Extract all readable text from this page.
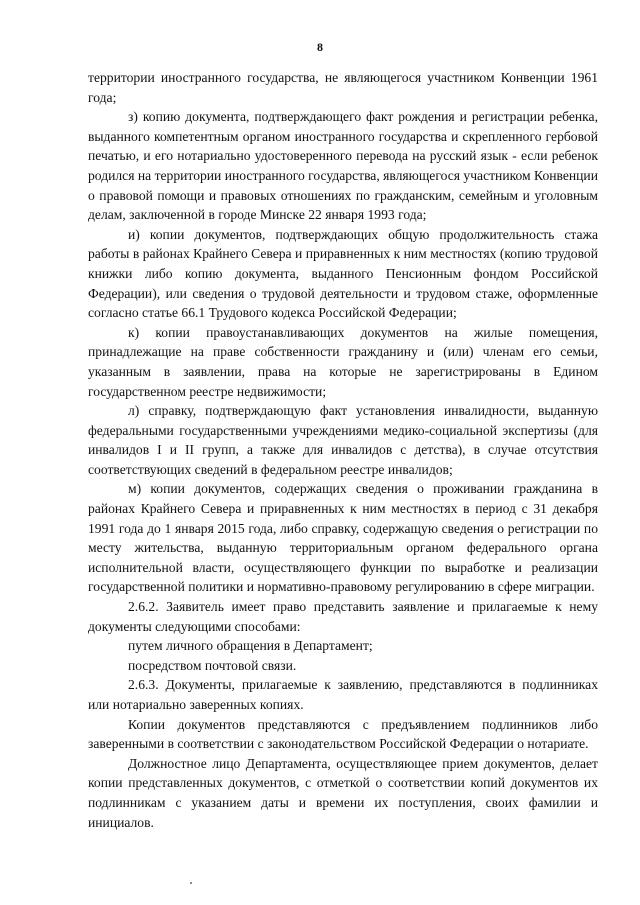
8

территории иностранного государства, не являющегося участником Конвенции 1961 года;

з) копию документа, подтверждающего факт рождения и регистрации ребенка, выданного компетентным органом иностранного государства и скрепленного гербовой печатью, и его нотариально удостоверенного перевода на русский язык - если ребенок родился на территории иностранного государства, являющегося участником Конвенции о правовой помощи и правовых отношениях по гражданским, семейным и уголовным делам, заключенной в городе Минске 22 января 1993 года;

и) копии документов, подтверждающих общую продолжительность стажа работы в районах Крайнего Севера и приравненных к ним местностях (копию трудовой книжки либо копию документа, выданного Пенсионным фондом Российской Федерации), или сведения о трудовой деятельности и трудовом стаже, оформленные согласно статье 66.1 Трудового кодекса Российской Федерации;

к) копии правоустанавливающих документов на жилые помещения, принадлежащие на праве собственности гражданину и (или) членам его семьи, указанным в заявлении, права на которые не зарегистрированы в Едином государственном реестре недвижимости;

л) справку, подтверждающую факт установления инвалидности, выданную федеральными государственными учреждениями медико-социальной экспертизы (для инвалидов I и II групп, а также для инвалидов с детства), в случае отсутствия соответствующих сведений в федеральном реестре инвалидов;

м) копии документов, содержащих сведения о проживании гражданина в районах Крайнего Севера и приравненных к ним местностях в период с 31 декабря 1991 года до 1 января 2015 года, либо справку, содержащую сведения о регистрации по месту жительства, выданную территориальным органом федерального органа исполнительной власти, осуществляющего функции по выработке и реализации государственной политики и нормативно-правовому регулированию в сфере миграции.

2.6.2. Заявитель имеет право представить заявление и прилагаемые к нему документы следующими способами:

путем личного обращения в Департамент;

посредством почтовой связи.

2.6.3. Документы, прилагаемые к заявлению, представляются в подлинниках или нотариально заверенных копиях.

Копии документов представляются с предъявлением подлинников либо заверенными в соответствии с законодательством Российской Федерации о нотариате.

Должностное лицо Департамента, осуществляющее прием документов, делает копии представленных документов, с отметкой о соответствии копий документов их подлинникам с указанием даты и времени их поступления, своих фамилии и инициалов.
